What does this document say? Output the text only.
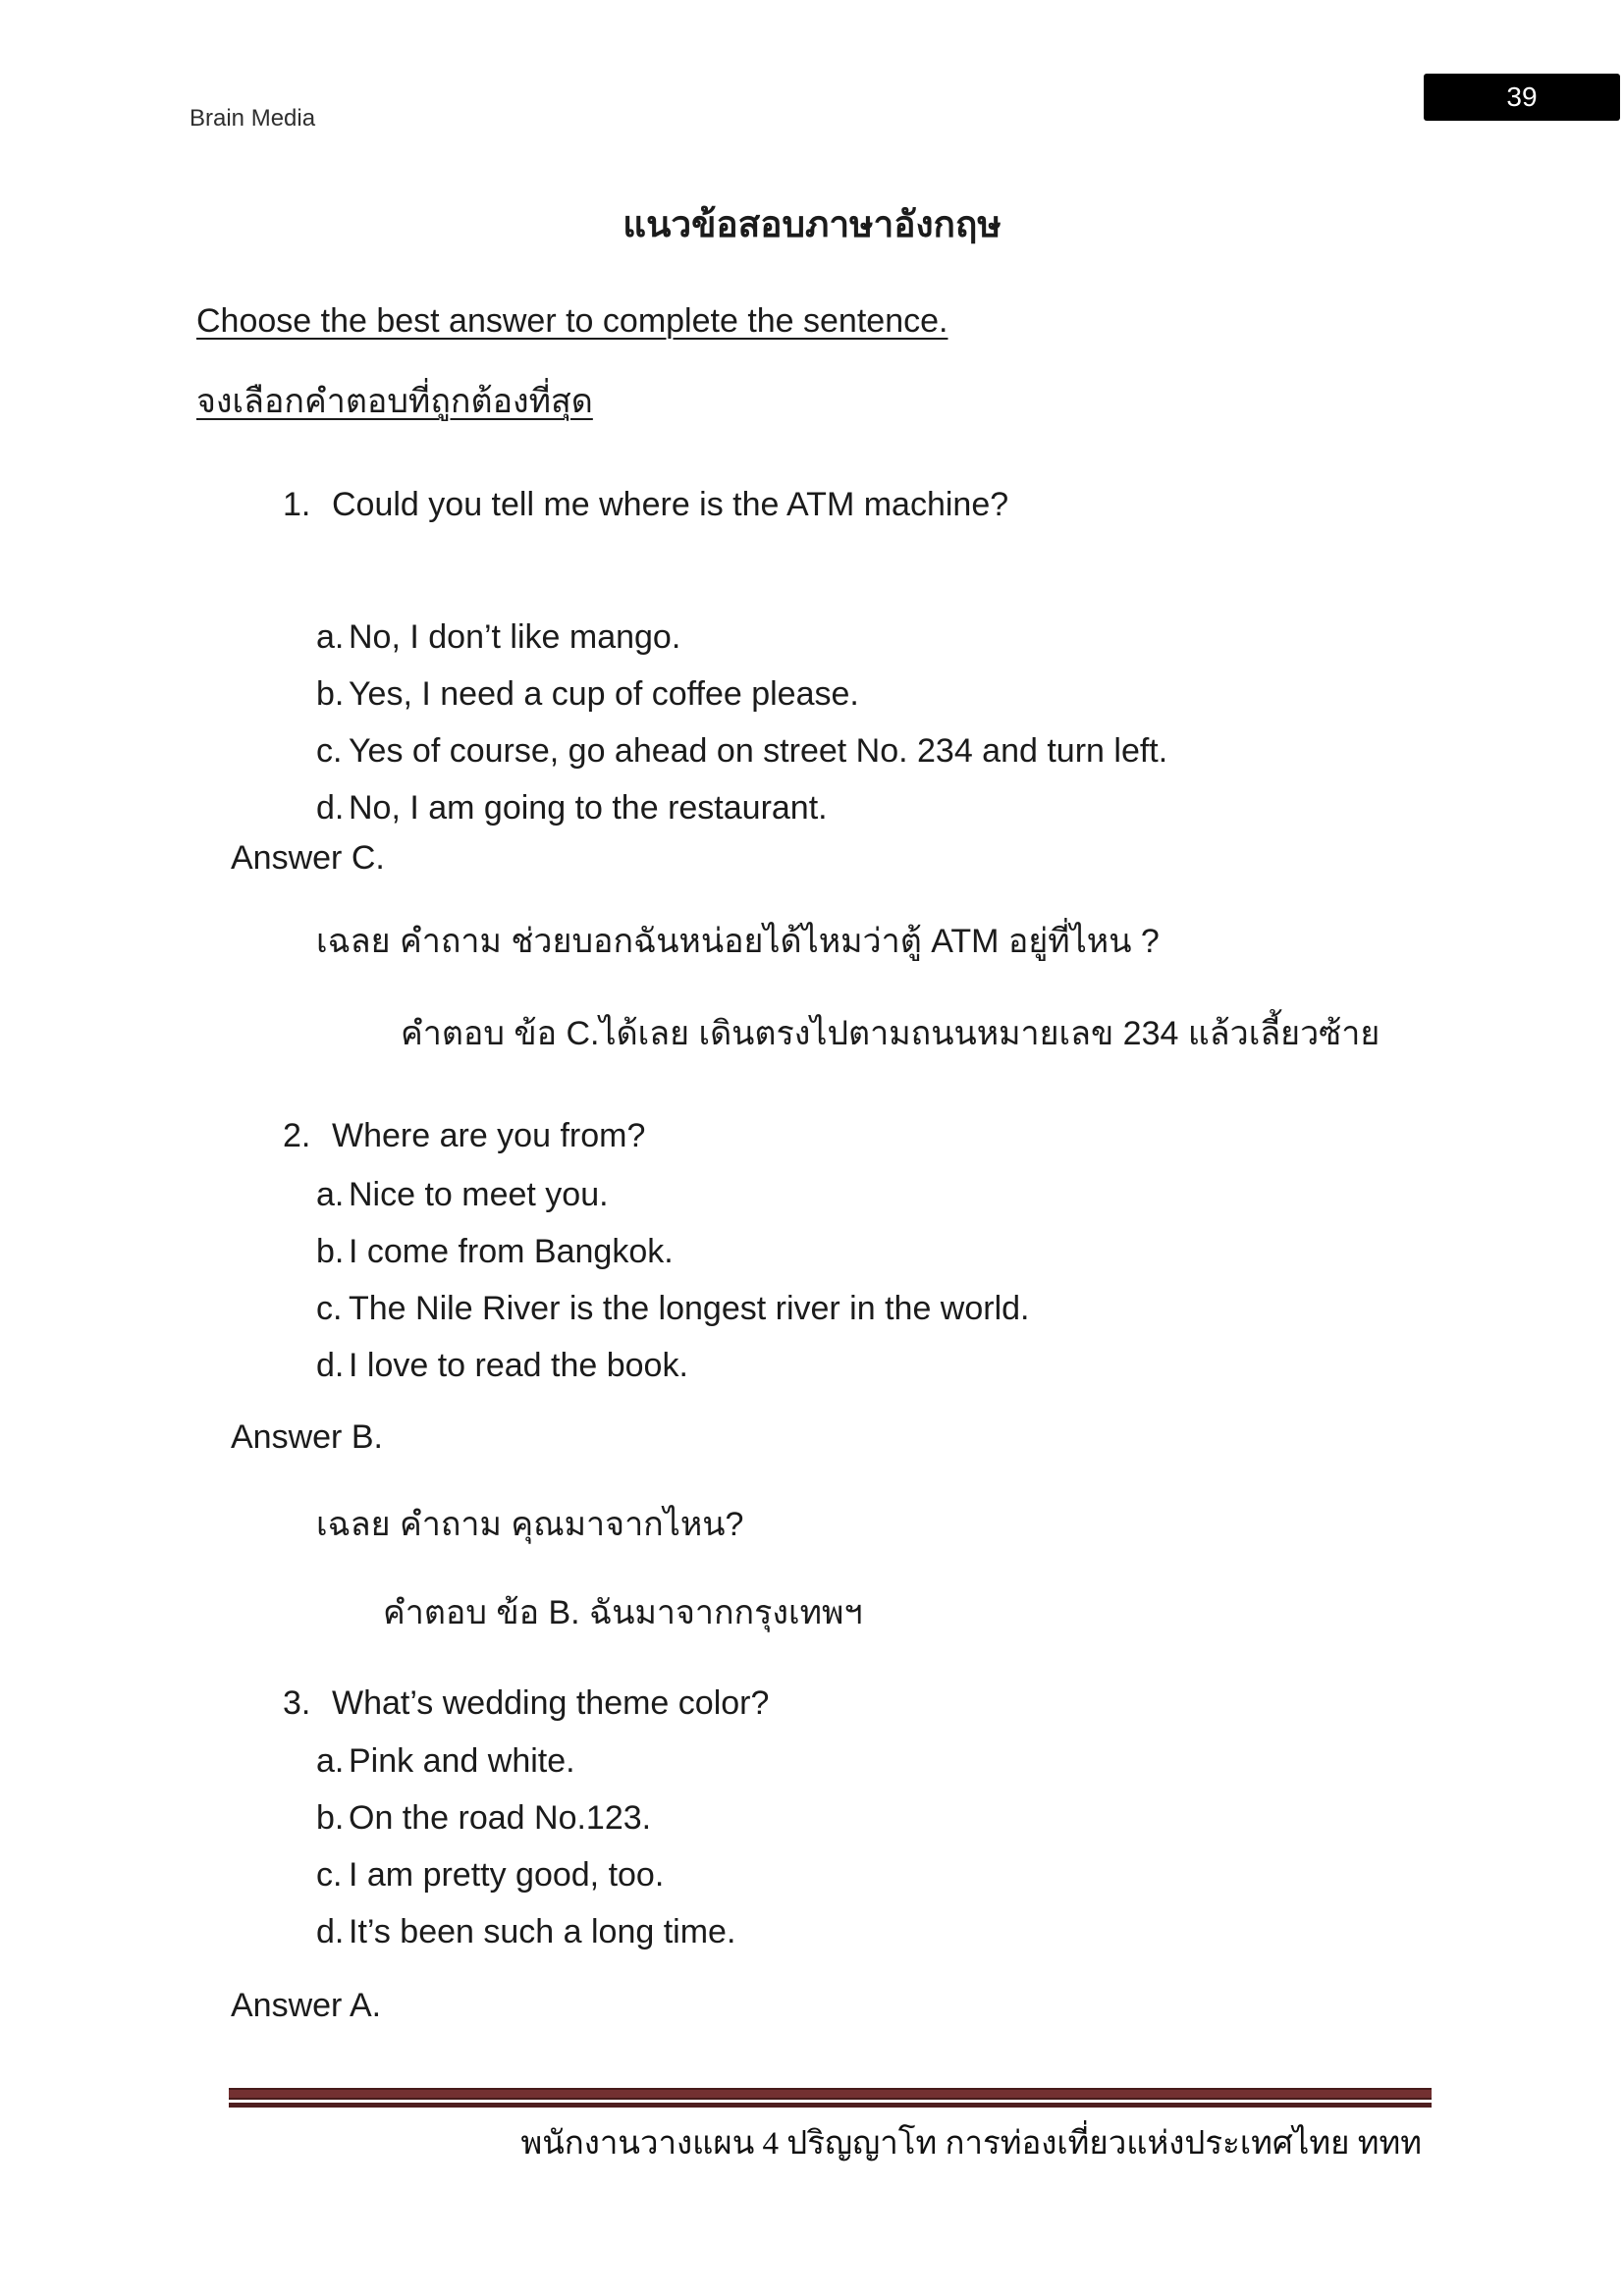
Brain Media
39
แนวข้อสอบภาษาอังกฤษ
Choose the best answer to complete the sentence.
จงเลือกคำตอบที่ถูกต้องที่สุด
1. Could you tell me where is the ATM machine?
a. No, I don’t like mango.
b. Yes, I need a cup of coffee please.
c. Yes of course, go ahead on street No. 234 and turn left.
d. No, I am going to the restaurant.
Answer C.
เฉลย คำถาม ช่วยบอกฉันหน่อยได้ไหมว่าตู้ ATM อยู่ที่ไหน ?
คำตอบ ข้อ C.ได้เลย เดินตรงไปตามถนนหมายเลข 234 แล้วเลี้ยวซ้าย
2. Where are you from?
a. Nice to meet you.
b. I come from Bangkok.
c. The Nile River is the longest river in the world.
d. I love to read the book.
Answer B.
เฉลย คำถาม คุณมาจากไหน?
คำตอบ ข้อ B. ฉันมาจากกรุงเทพฯ
3. What’s wedding theme color?
a. Pink and white.
b. On the road No.123.
c. I am pretty good, too.
d. It’s been such a long time.
Answer A.
พนักงานวางแผน 4 ปริญญาโท การท่องเที่ยวแห่งประเทศไทย ททท
